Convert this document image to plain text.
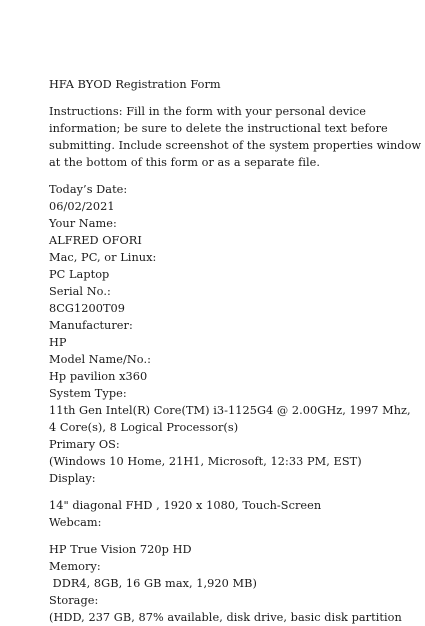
HFA BYOD Registration Form
Instructions: Fill in the form with your personal device
information; be sure to delete the instructional text before
submitting. Include screenshot of the system properties window
at the bottom of this form or as a separate file.
Today’s Date:
06/02/2021
Your Name:
ALFRED OFORI
Mac, PC, or Linux:
PC Laptop
Serial No.:
8CG1200T09
Manufacturer:
HP
Model Name/No.:
Hp pavilion x360
System Type:
11th Gen Intel(R) Core(TM) i3-1125G4 @ 2.00GHz, 1997 Mhz,
4 Core(s), 8 Logical Processor(s)
Primary OS:
(Windows 10 Home, 21H1, Microsoft, 12:33 PM, EST)
Display:
14" diagonal FHD , 1920 x 1080, Touch-Screen
Webcam:
HP True Vision 720p HD
Memory:
DDR4, 8GB, 16 GB max, 1,920 MB)
Storage:
(HDD, 237 GB, 87% available, disk drive, basic disk partition
